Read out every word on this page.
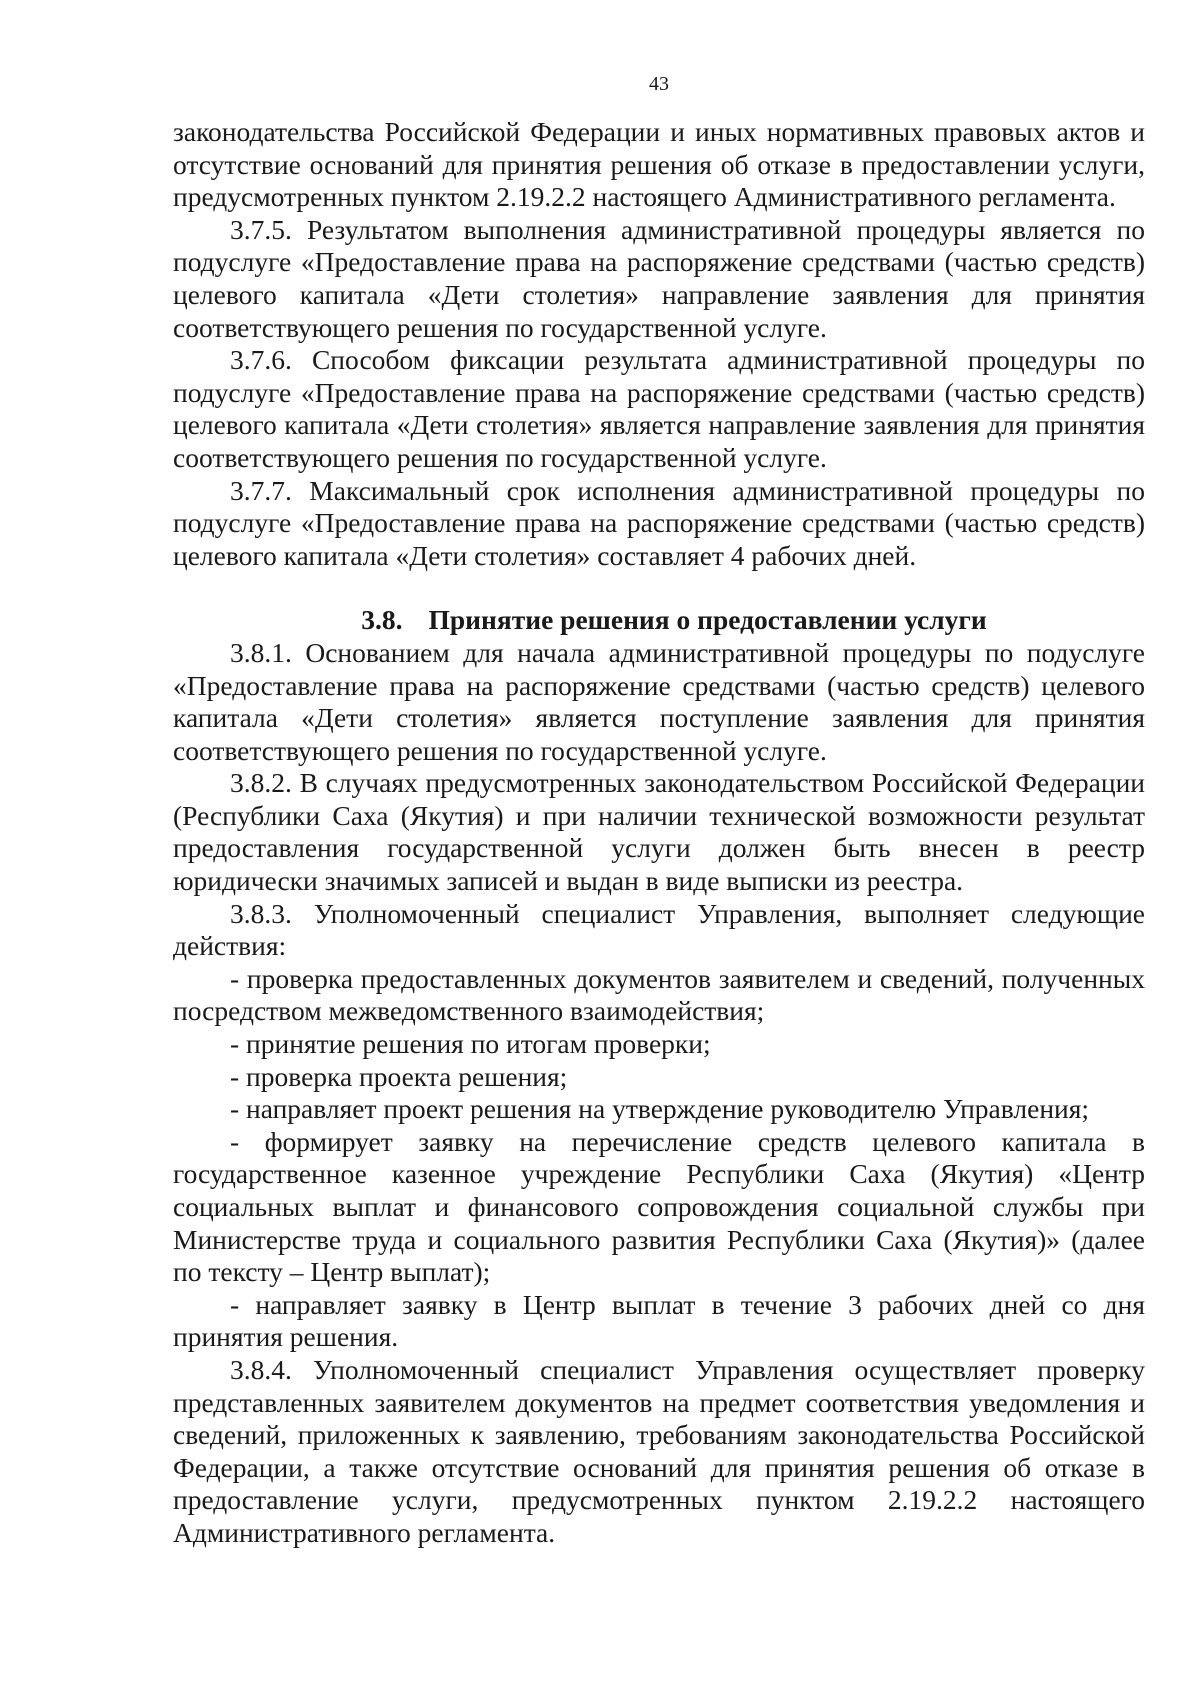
43

законодательства Российской Федерации и иных нормативных правовых актов и отсутствие оснований для принятия решения об отказе в предоставлении услуги, предусмотренных пунктом 2.19.2.2 настоящего Административного регламента.

3.7.5. Результатом выполнения административной процедуры является по подуслуге «Предоставление права на распоряжение средствами (частью средств) целевого капитала «Дети столетия» направление заявления для принятия соответствующего решения по государственной услуге.

3.7.6. Способом фиксации результата административной процедуры по подуслуге «Предоставление права на распоряжение средствами (частью средств) целевого капитала «Дети столетия» является направление заявления для принятия соответствующего решения по государственной услуге.

3.7.7. Максимальный срок исполнения административной процедуры по подуслуге «Предоставление права на распоряжение средствами (частью средств) целевого капитала «Дети столетия» составляет 4 рабочих дней.

3.8. Принятие решения о предоставлении услуги

3.8.1. Основанием для начала административной процедуры по подуслуге «Предоставление права на распоряжение средствами (частью средств) целевого капитала «Дети столетия» является поступление заявления для принятия соответствующего решения по государственной услуге.

3.8.2. В случаях предусмотренных законодательством Российской Федерации (Республики Саха (Якутия) и при наличии технической возможности результат предоставления государственной услуги должен быть внесен в реестр юридически значимых записей и выдан в виде выписки из реестра.

3.8.3. Уполномоченный специалист Управления, выполняет следующие действия:

- проверка предоставленных документов заявителем и сведений, полученных посредством межведомственного взаимодействия;

- принятие решения по итогам проверки;

- проверка проекта решения;

- направляет проект решения на утверждение руководителю Управления;

- формирует заявку на перечисление средств целевого капитала в государственное казенное учреждение Республики Саха (Якутия) «Центр социальных выплат и финансового сопровождения социальной службы при Министерстве труда и социального развития Республики Саха (Якутия)» (далее по тексту – Центр выплат);

- направляет заявку в Центр выплат в течение 3 рабочих дней со дня принятия решения.

3.8.4. Уполномоченный специалист Управления осуществляет проверку представленных заявителем документов на предмет соответствия уведомления и сведений, приложенных к заявлению, требованиям законодательства Российской Федерации, а также отсутствие оснований для принятия решения об отказе в предоставление услуги, предусмотренных пунктом 2.19.2.2 настоящего Административного регламента.
